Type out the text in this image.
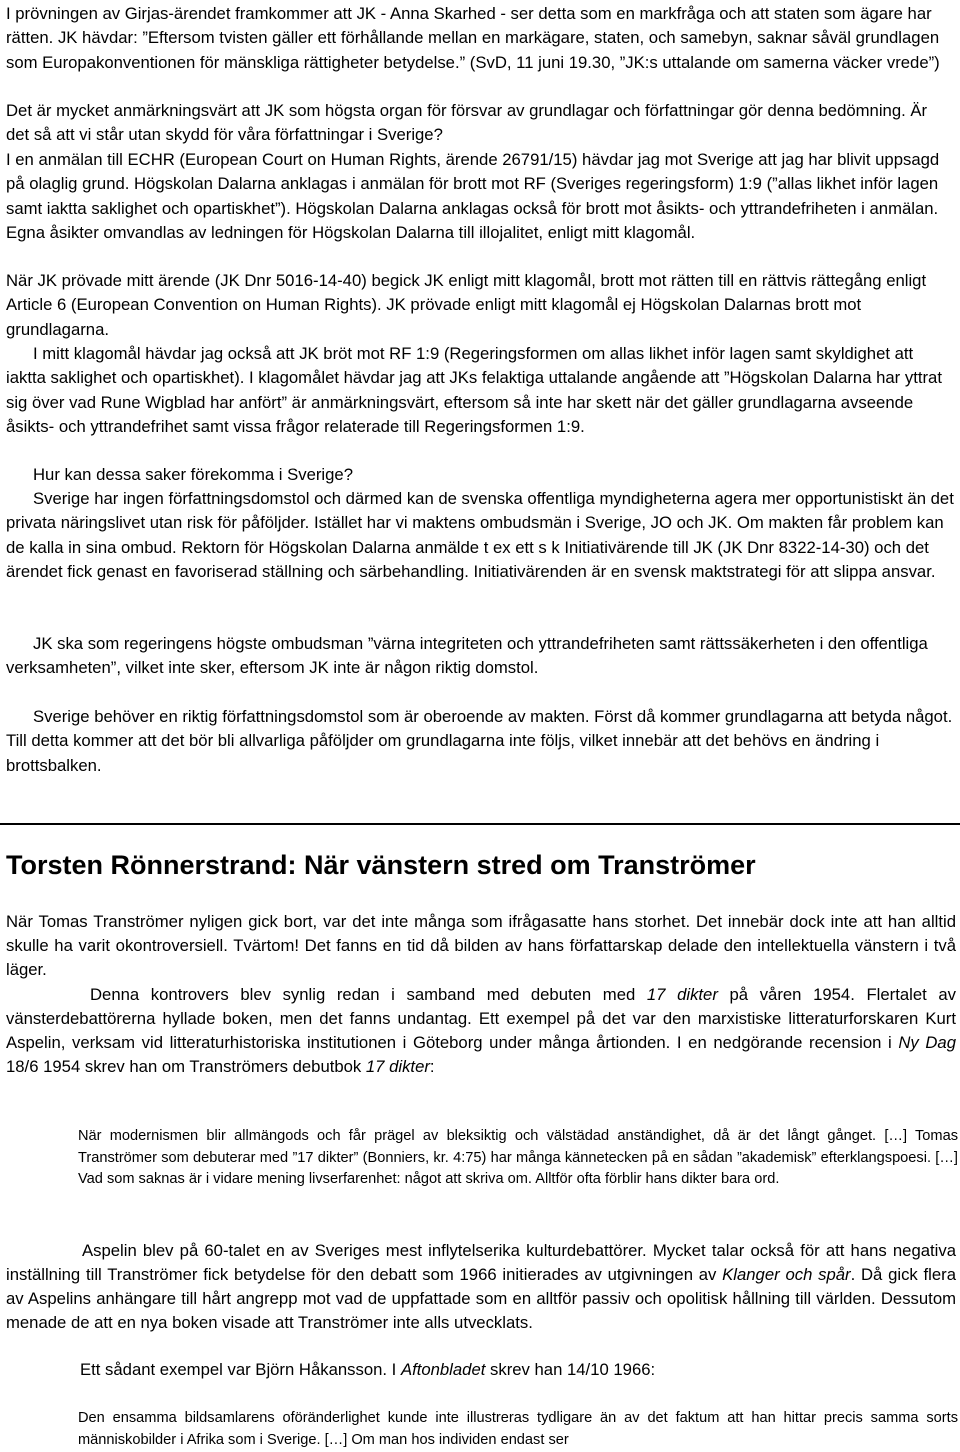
I prövningen av Girjas-ärendet framkommer att JK - Anna Skarhed - ser detta som en markfråga och att staten som ägare har rätten. JK hävdar: ”Eftersom tvisten gäller ett förhållande mellan en markägare, staten, och samebyn, saknar såväl grundlagen som Europakonventionen för mänskliga rättigheter betydelse.” (SvD, 11 juni 19.30, ”JK:s uttalande om samerna väcker vrede”)

Det är mycket anmärkningsvärt att JK som högsta organ för försvar av grundlagar och författningar gör denna bedömning. Är det så att vi står utan skydd för våra författningar i Sverige?

I en anmälan till ECHR (European Court on Human Rights, ärende 26791/15) hävdar jag mot Sverige att jag har blivit uppsagd på olaglig grund. Högskolan Dalarna anklagas i anmälan för brott mot RF (Sveriges regeringsform) 1:9 (”allas likhet inför lagen samt iaktta saklighet och opartiskhet”). Högskolan Dalarna anklagas också för brott mot åsikts- och yttrandefriheten i anmälan. Egna åsikter omvandlas av ledningen för Högskolan Dalarna till illojalitet, enligt mitt klagomål.

När JK prövade mitt ärende (JK Dnr 5016-14-40) begick JK enligt mitt klagomål, brott mot rätten till en rättvis rättegång enligt Article 6 (European Convention on Human Rights). JK prövade enligt mitt klagomål ej Högskolan Dalarnas brott mot grundlagarna.

I mitt klagomål hävdar jag också att JK bröt mot RF 1:9 (Regeringsformen om allas likhet inför lagen samt skyldighet att iaktta saklighet och opartiskhet). I klagomålet hävdar jag att JKs felaktiga uttalande angående att ”Högskolan Dalarna har yttrat sig över vad Rune Wigblad har anfört” är anmärkningsvärt, eftersom så inte har skett när det gäller grundlagarna avseende åsikts- och yttrandefrihet samt vissa frågor relaterade till Regeringsformen 1:9.

Hur kan dessa saker förekomma i Sverige?

Sverige har ingen författningsdomstol och därmed kan de svenska offentliga myndigheterna agera mer opportunistiskt än det privata näringslivet utan risk för påföljder. Istället har vi maktens ombudsmän i Sverige, JO och JK. Om makten får problem kan de kalla in sina ombud. Rektorn för Högskolan Dalarna anmälde t ex ett s k Initiativärende till JK (JK Dnr 8322-14-30) och det ärendet fick genast en favoriserad ställning och särbehandling. Initiativärenden är en svensk maktstrategi för att slippa ansvar.

JK ska som regeringens högste ombudsman ”värna integriteten och yttrandefriheten samt rättssäkerheten i den offentliga verksamheten”, vilket inte sker, eftersom JK inte är någon riktig domstol.

Sverige behöver en riktig författningsdomstol som är oberoende av makten. Först då kommer grundlagarna att betyda något. Till detta kommer att det bör bli allvarliga påföljder om grundlagarna inte följs, vilket innebär att det behövs en ändring i brottsbalken.

Torsten Rönnerstrand: När vänstern stred om Tranströmer

När Tomas Tranströmer nyligen gick bort, var det inte många som ifrågasatte hans storhet. Det innebär dock inte att han alltid skulle ha varit okontroversiell. Tvärtom! Det fanns en tid då bilden av hans författarskap delade den intellektuella vänstern i två läger.

Denna kontrovers blev synlig redan i samband med debuten med 17 dikter på våren 1954. Flertalet av vänsterdebattörerna hyllade boken, men det fanns undantag. Ett exempel på det var den marxistiske litteraturforskaren Kurt Aspelin, verksam vid litteraturhistoriska institutionen i Göteborg under många årtionden. I en nedgörande recension i Ny Dag 18/6 1954 skrev han om Tranströmers debutbok 17 dikter:

När modernismen blir allmängods och får prägel av bleksiktig och välstädad anständighet, då är det långt gånget. […] Tomas Tranströmer som debuterar med ”17 dikter” (Bonniers, kr. 4:75) har många kännetecken på en sådan ”akademisk” efterklangspoesi. […] Vad som saknas är i vidare mening livserfarenhet: något att skriva om. Alltför ofta förblir hans dikter bara ord.

Aspelin blev på 60-talet en av Sveriges mest inflytelserika kulturdebattörer. Mycket talar också för att hans negativa inställning till Tranströmer fick betydelse för den debatt som 1966 initierades av utgivningen av Klanger och spår. Då gick flera av Aspelins anhängare till hårt angrepp mot vad de uppfattade som en alltför passiv och opolitisk hållning till världen. Dessutom menade de att en nya boken visade att Tranströmer inte alls utvecklats.

Ett sådant exempel var Björn Håkansson. I Aftonbladet skrev han 14/10 1966:

Den ensamma bildsamlarens oföränderlighet kunde inte illustreras tydligare än av det faktum att han hittar precis samma sorts människobilder i Afrika som i Sverige. […] Om man hos individen endast ser
